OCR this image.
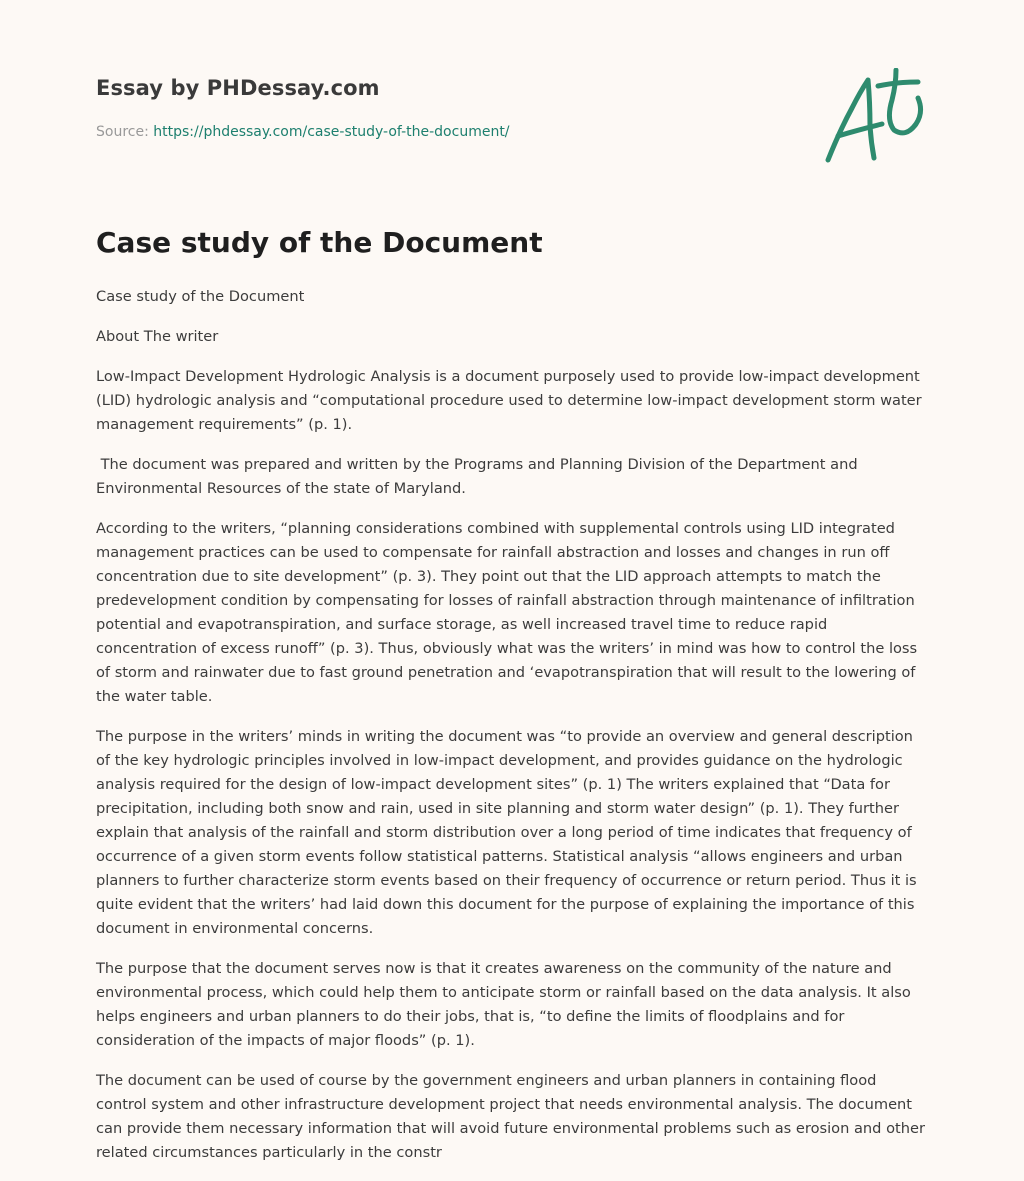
Essay by PHDessay.com

Source: https://phdessay.com/case-study-of-the-document/

Case study of the Document

Case study of the Document

About The writer

Low-Impact Development Hydrologic Analysis is a document purposely used to provide low-impact development (LID) hydrologic analysis and “computational procedure used to determine low-impact development storm water management requirements” (p. 1).

The document was prepared and written by the Programs and Planning Division of the Department and Environmental Resources of the state of Maryland.

According to the writers, “planning considerations combined with supplemental controls using LID integrated management practices can be used to compensate for rainfall abstraction and losses and changes in run off concentration due to site development” (p. 3). They point out that the LID approach attempts to match the predevelopment condition by compensating for losses of rainfall abstraction through maintenance of infiltration potential and evapotranspiration, and surface storage, as well increased travel time to reduce rapid concentration of excess runoff” (p. 3). Thus, obviously what was the writers’ in mind was how to control the loss of storm and rainwater due to fast ground penetration and ‘evapotranspiration that will result to the lowering of the water table.

The purpose in the writers’ minds in writing the document was “to provide an overview and general description of the key hydrologic principles involved in low-impact development, and provides guidance on the hydrologic analysis required for the design of low-impact development sites” (p. 1) The writers explained that “Data for precipitation, including both snow and rain, used in site planning and storm water design” (p. 1). They further explain that analysis of the rainfall and storm distribution over a long period of time indicates that frequency of occurrence of a given storm events follow statistical patterns. Statistical analysis “allows engineers and urban planners to further characterize storm events based on their frequency of occurrence or return period. Thus it is quite evident that the writers’ had laid down this document for the purpose of explaining the importance of this document in environmental concerns.

The purpose that the document serves now is that it creates awareness on the community of the nature and environmental process, which could help them to anticipate storm or rainfall based on the data analysis. It also helps engineers and urban planners to do their jobs, that is, “to define the limits of floodplains and for consideration of the impacts of major floods” (p. 1).

The document can be used of course by the government engineers and urban planners in containing flood control system and other infrastructure development project that needs environmental analysis. The document can provide them necessary information that will avoid future environmental problems such as erosion and other related circumstances particularly in the constr
